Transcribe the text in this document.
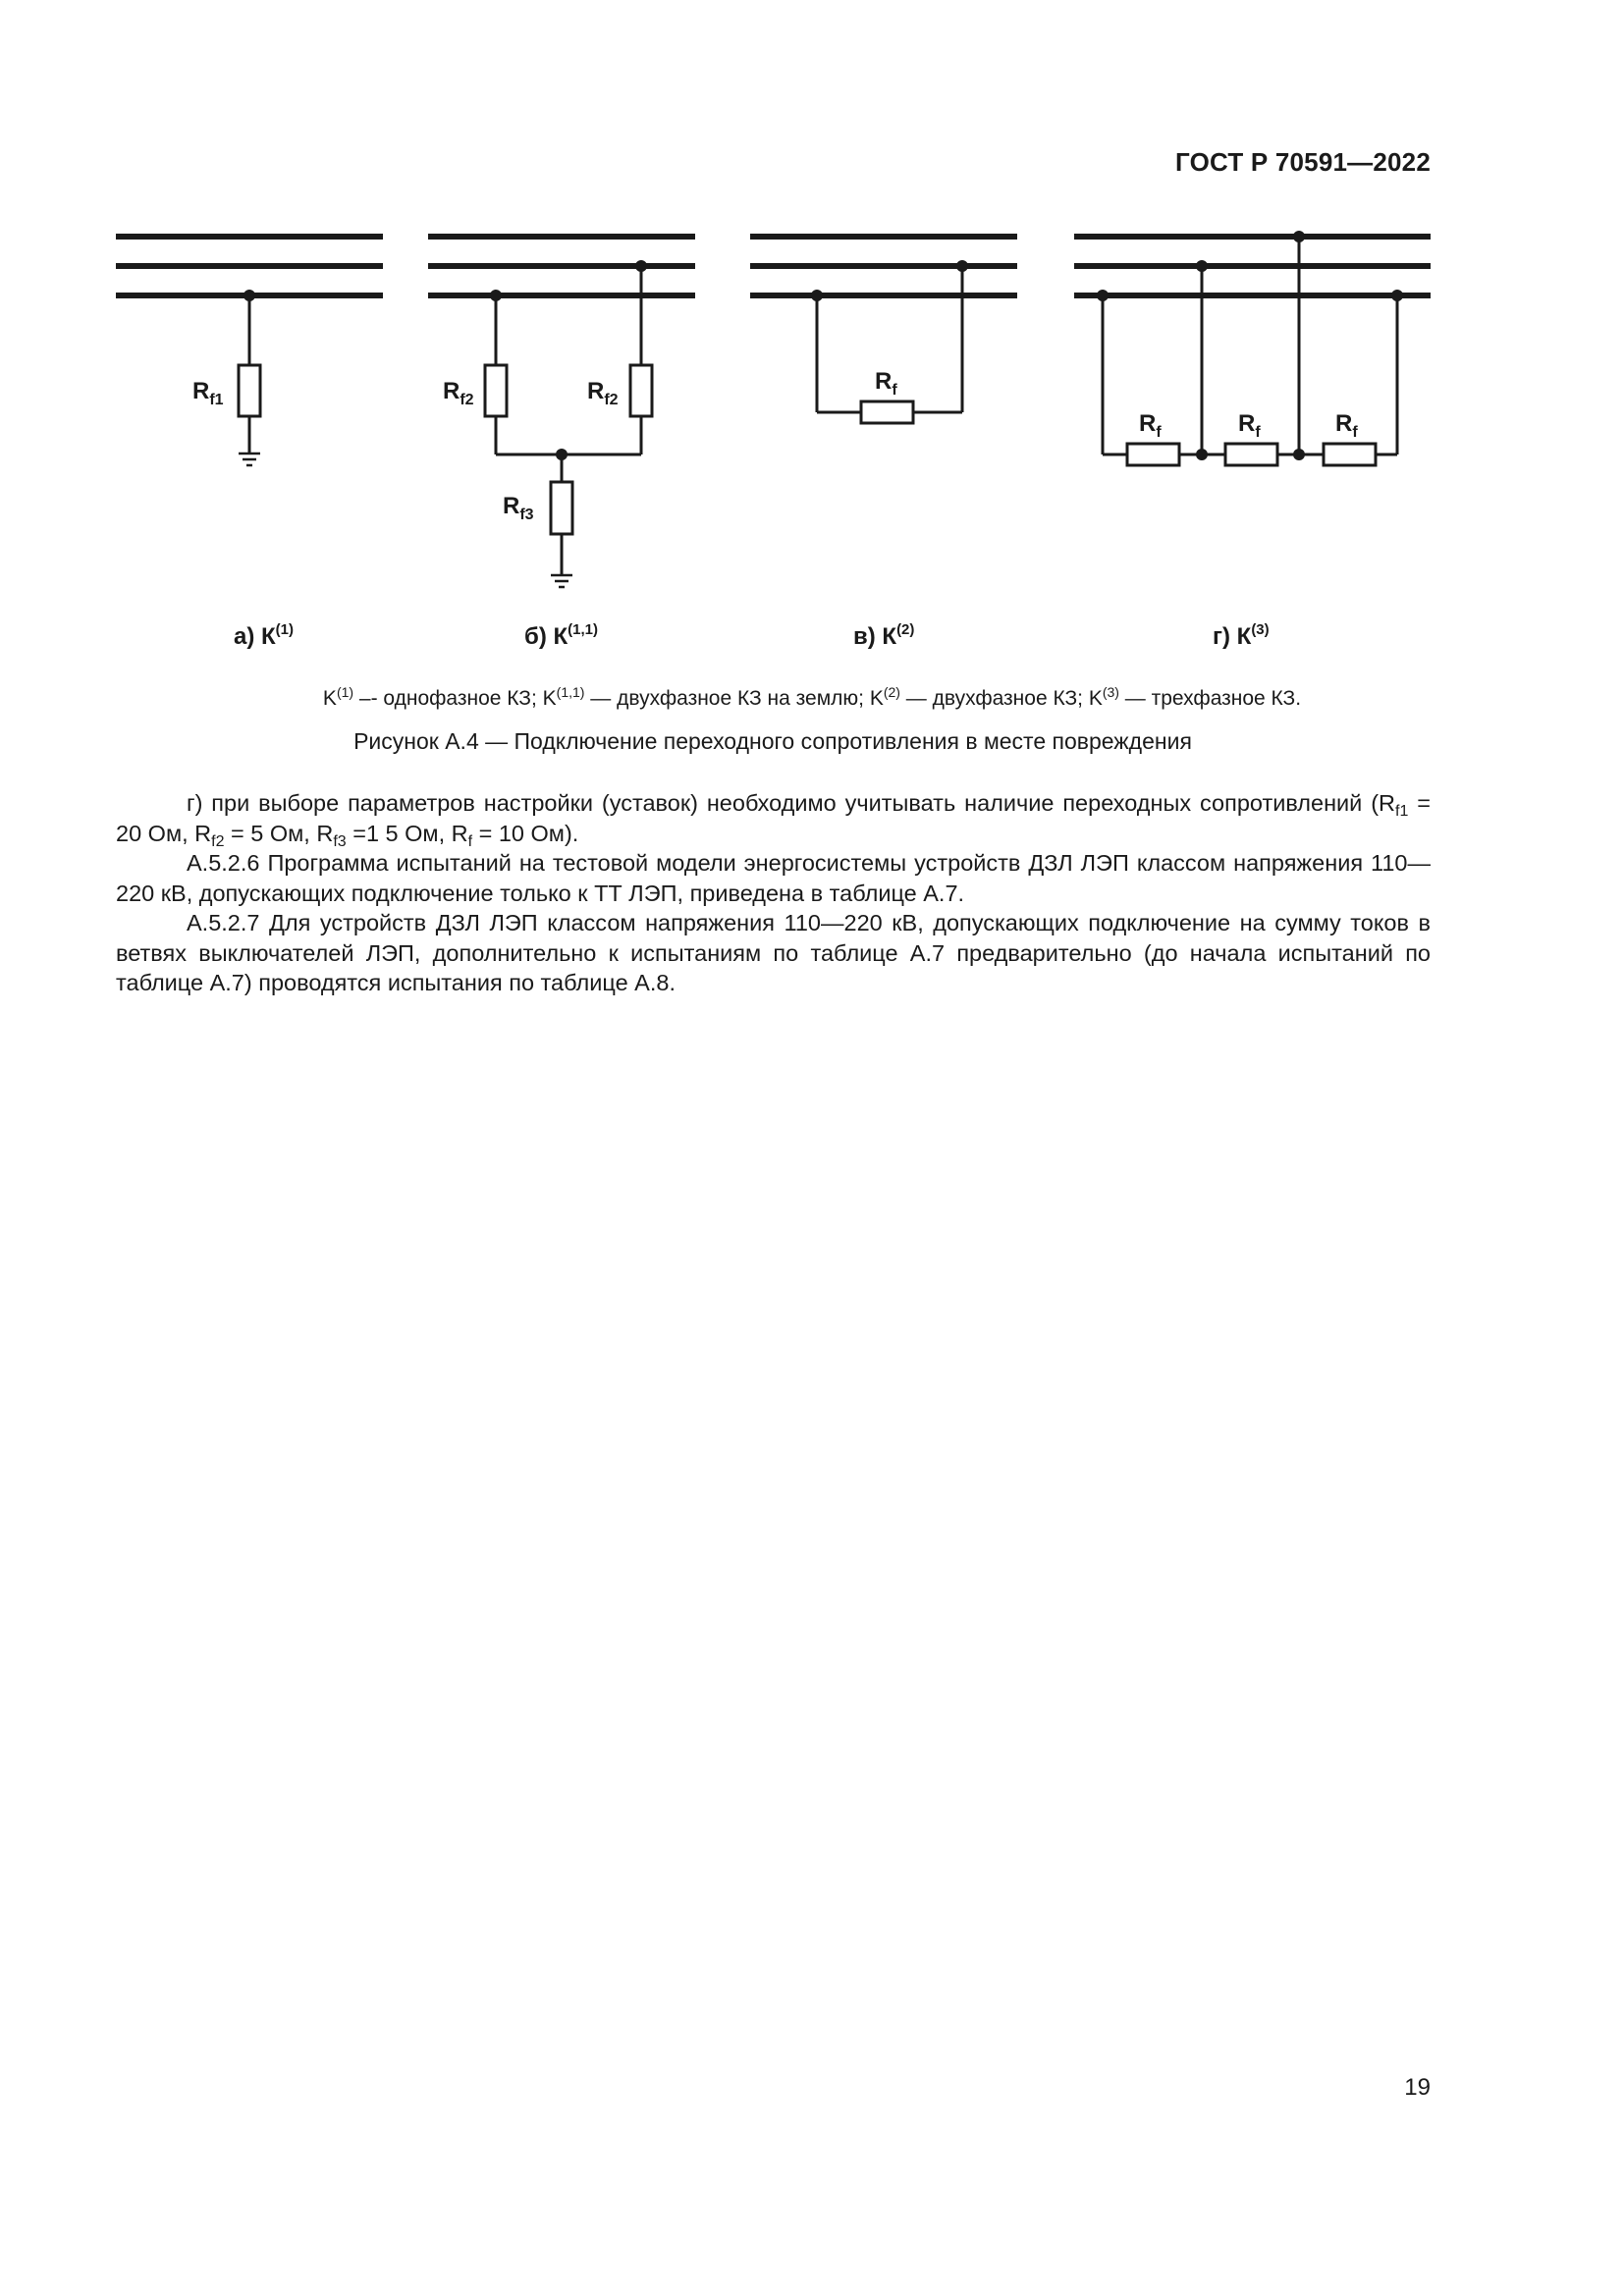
ГОСТ Р 70591—2022
$R_{f1}$	$R_{f2}$	$R_{f2}$
$R_{f3}$
$R_f$
$R_f$	$R_f$	$R_f$
а) $К^{(1)}$	б) К$^{(1,1)}$	в) $К^{(2)}$	г) $К^{(3)}$
$K^{(1)}$ –- однофазное КЗ; K$^{(1,1)}$ — двухфазное КЗ на землю; $K^{(2)}$ — двухфазное КЗ; $K^{(3)}$ — трехфазное КЗ.
Рисунок А.4 — Подключение переходного сопротивления в месте повреждения

г) при выборе параметров настройки (уставок) необходимо учитывать наличие переходных сопротивлений ($R_{f1} = 20$ Ом, $R_{f2} = 5$ Ом, $R_{f3} =1$ 5 Ом, $R_f = 10$ Ом).

А.5.2.6 Программа испытаний на тестовой модели энергосистемы устройств ДЗЛ ЛЭП классом напряжения 110—220 кВ, допускающих подключение только к ТТ ЛЭП, приведена в таблице А.7.

А.5.2.7 Для устройств ДЗЛ ЛЭП классом напряжения 110—220 кВ, допускающих подключение на сумму токов в ветвях выключателей ЛЭП, дополнительно к испытаниям по таблице А.7 предварительно (до начала испытаний по таблице А.7) проводятся испытания по таблице А.8.

19
